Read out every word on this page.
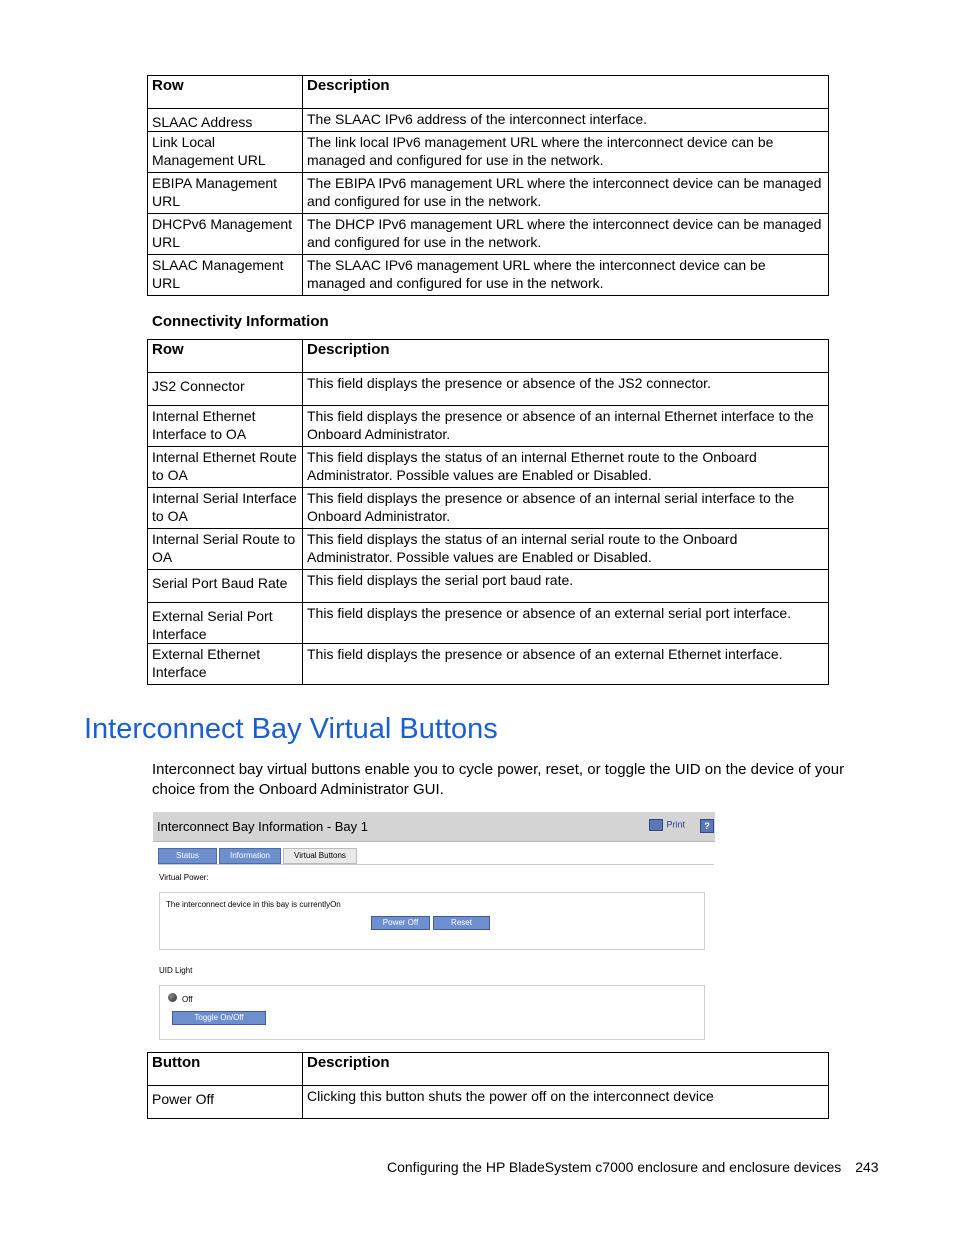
Row	Description
SLAAC Address	The SLAAC IPv6 address of the interconnect interface.
Link Local Management URL	The link local IPv6 management URL where the interconnect device can be managed and configured for use in the network.
EBIPA Management URL	The EBIPA IPv6 management URL where the interconnect device can be managed and configured for use in the network.
DHCPv6 Management URL	The DHCP IPv6 management URL where the interconnect device can be managed and configured for use in the network.
SLAAC Management URL	The SLAAC IPv6 management URL where the interconnect device can be managed and configured for use in the network.
Connectivity Information
Row	Description
JS2 Connector	This field displays the presence or absence of the JS2 connector.
Internal Ethernet Interface to OA	This field displays the presence or absence of an internal Ethernet interface to the Onboard Administrator.
Internal Ethernet Route to OA	This field displays the status of an internal Ethernet route to the Onboard Administrator. Possible values are Enabled or Disabled.
Internal Serial Interface to OA	This field displays the presence or absence of an internal serial interface to the Onboard Administrator.
Internal Serial Route to OA	This field displays the status of an internal serial route to the Onboard Administrator. Possible values are Enabled or Disabled.
Serial Port Baud Rate	This field displays the serial port baud rate.
External Serial Port Interface	This field displays the presence or absence of an external serial port interface.
External Ethernet Interface	This field displays the presence or absence of an external Ethernet interface.
Interconnect Bay Virtual Buttons

Interconnect bay virtual buttons enable you to cycle power, reset, or toggle the UID on the device of your choice from the Onboard Administrator GUI.

Interconnect Bay Information - Bay 1	Print	?
Status	Information	Virtual Buttons
Virtual Power:
The interconnect device in this bay is currentlyOn
Power Off	Reset
UID Light
Off
Toggle On/Off
Button	Description
Power Off	Clicking this button shuts the power off on the interconnect device
Configuring the HP BladeSystem c7000 enclosure and enclosure devices 243
